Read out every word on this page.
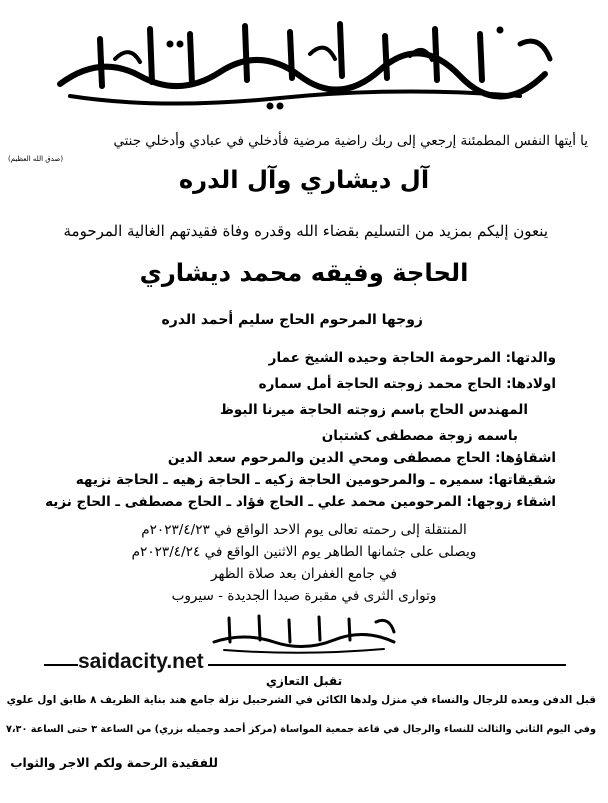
يا أيتها النفس المطمئنة إرجعي إلى ربك راضية مرضية فأدخلي في عبادي وأدخلي جنتي
(صدق الله العظيم)
آل ديشاري وآل الدره
ينعون إليكم بمزيد من التسليم بقضاء الله وقدره وفاة فقيدتهم الغالية المرحومة
الحاجة وفيقه محمد ديشاري
زوجها المرحوم الحاج سليم أحمد الدره
والدتها: المرحومة الحاجة وحيده الشيخ عمار
اولادها: الحاج محمد زوجته الحاجة أمل سماره
المهندس الحاج باسم زوجته الحاجة ميرنا البوظ
باسمه زوجة مصطفى كشتبان
اشقاؤها: الحاج مصطفى ومحي الدين والمرحوم سعد الدين
شقيقاتها: سميره ـ والمرحومين الحاجة زكيه ـ الحاجة زهيه ـ الحاجة نزيهه
اشقاء زوجها: المرحومين محمد علي ـ الحاج فؤاد ـ الحاج مصطفى ـ الحاج نزيه
المنتقلة إلى رحمته تعالى يوم الاحد الواقع في ٢٠٢٣/٤/٢٣م
ويصلى على جثمانها الطاهر يوم الاثنين الواقع في ٢٠٢٣/٤/٢٤م
في جامع الغفران بعد صلاة الظهر
وتوارى الثرى في مقبرة صيدا الجديدة - سيروب
saidacity.net
تقبل التعازي
قبل الدفن وبعده للرجال والنساء في منزل ولدها الكائن في الشرحبيل نزلة جامع هند بناية الظريف ٨ طابق اول علوي
وفي اليوم الثاني والثالث للنساء والرجال في قاعة جمعية المواساة (مركز أحمد وجميله بزري) من الساعة ٣ حتى الساعة ٧،٣٠
للفقيدة الرحمة ولكم الاجر والثواب
